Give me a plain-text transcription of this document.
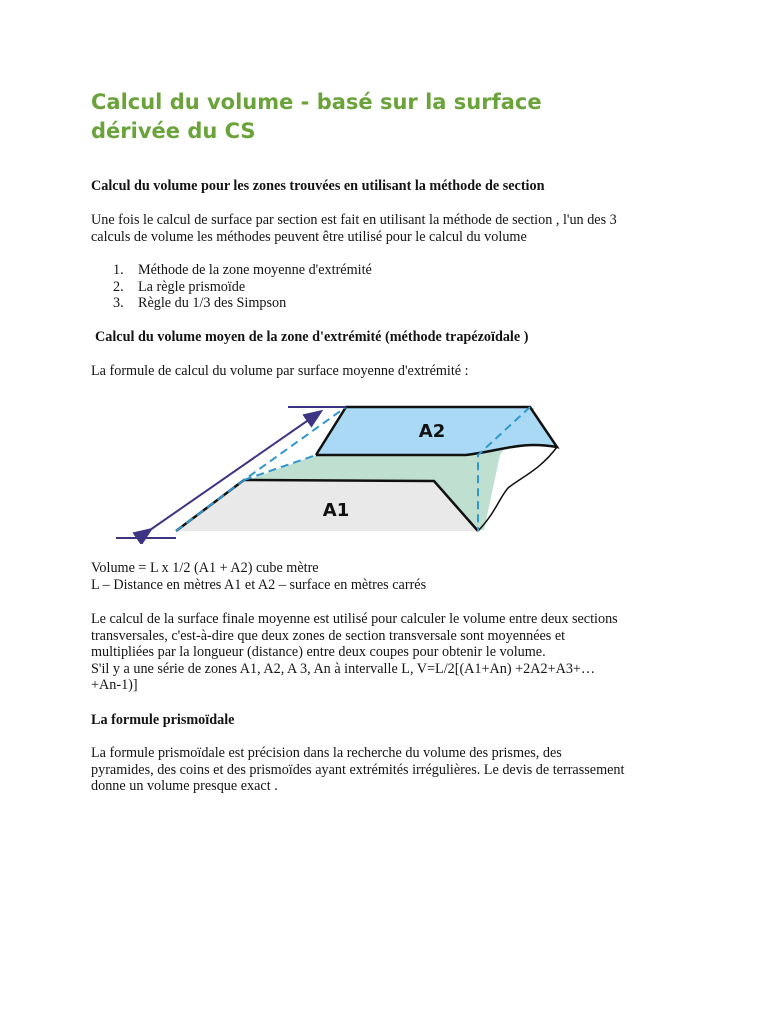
Calcul du volume - basé sur la surface
dérivée du CS

Calcul du volume pour les zones trouvées en utilisant la méthode de section

Une fois le calcul de surface par section est fait en utilisant la méthode de section , l'un des 3
calculs de volume les méthodes peuvent être utilisé pour le calcul du volume

1.	Méthode de la zone moyenne d'extrémité
2.	La règle prismoïde
3.	Règle du 1/3 des Simpson

Calcul du volume moyen de la zone d'extrémité (méthode trapézoïdale )

La formule de calcul du volume par surface moyenne d'extrémité :

A2
A1

Volume = L x 1/2 (A1 + A2) cube mètre
L – Distance en mètres A1 et A2 – surface en mètres carrés

Le calcul de la surface finale moyenne est utilisé pour calculer le volume entre deux sections
transversales, c'est-à-dire que deux zones de section transversale sont moyennées et
multipliées par la longueur (distance) entre deux coupes pour obtenir le volume.
S'il y a une série de zones A1, A2, A 3, An à intervalle L, V=L/2[(A1+An) +2A2+A3+…
+An-1)]

La formule prismoïdale

La formule prismoïdale est précision dans la recherche du volume des prismes, des
pyramides, des coins et des prismoïdes ayant extrémités irrégulières. Le devis de terrassement
donne un volume presque exact .
